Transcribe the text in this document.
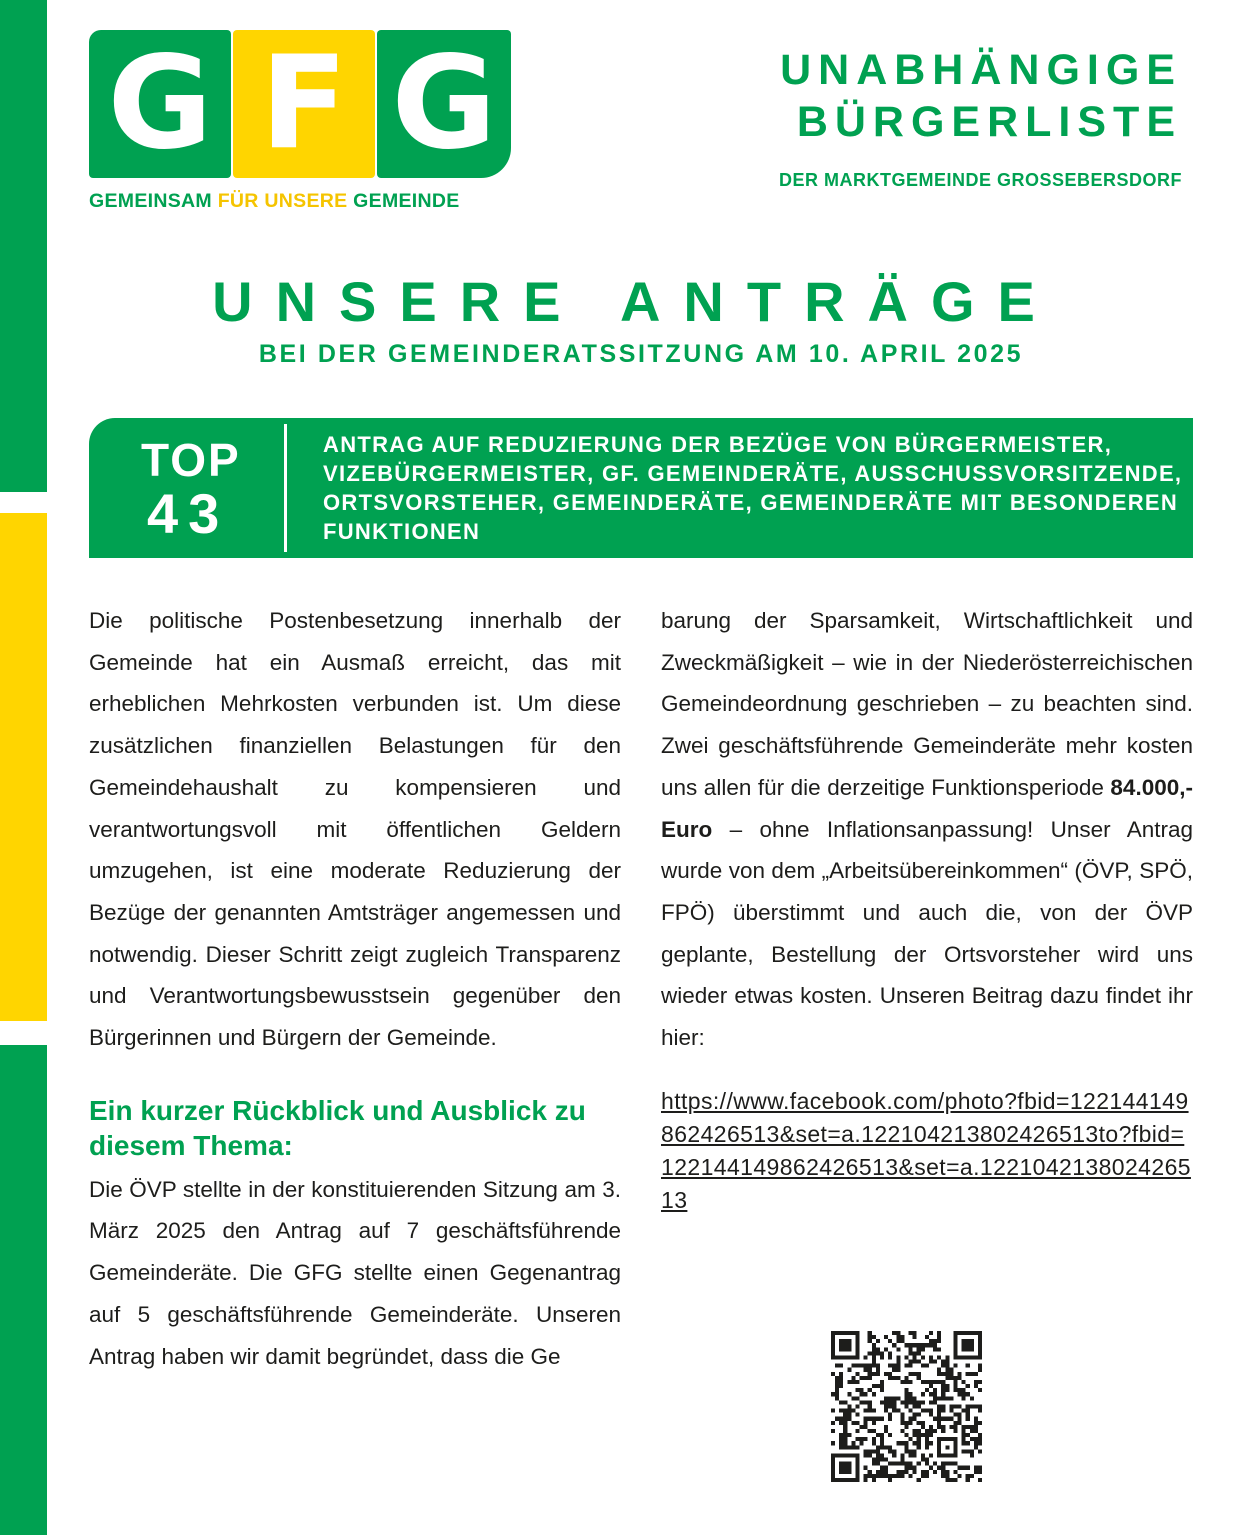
G F G
GEMEINSAM FÜR UNSERE GEMEINDE
UNABHÄNGIGE
BÜRGERLISTE
DER MARKTGEMEINDE GROSSEBERSDORF
UNSERE ANTRÄGE
BEI DER GEMEINDERATSSITZUNG AM 10. APRIL 2025
TOP
43
ANTRAG AUF REDUZIERUNG DER BEZÜGE VON BÜRGERMEISTER, VIZEBÜRGERMEISTER, GF. GEMEINDERÄTE, AUSSCHUSSVORSITZENDE, ORTSVORSTEHER, GEMEINDERÄTE, GEMEINDERÄTE MIT BESONDEREN FUNKTIONEN

Die politische Postenbesetzung innerhalb der Gemeinde hat ein Ausmaß erreicht, das mit erheblichen Mehrkosten verbunden ist. Um diese zusätzlichen finanziellen Belastungen für den Gemeindehaushalt zu kompensieren und verantwortungsvoll mit öffentlichen Geldern umzugehen, ist eine moderate Reduzierung der Bezüge der genannten Amtsträger angemessen und notwendig. Dieser Schritt zeigt zugleich Transparenz und Verantwortungsbewusstsein gegenüber den Bürgerinnen und Bürgern der Gemeinde.

Ein kurzer Rückblick und Ausblick zu diesem Thema:

Die ÖVP stellte in der konstituierenden Sitzung am 3. März 2025 den Antrag auf 7 geschäftsführende Gemeinderäte. Die GFG stellte einen Gegenantrag auf 5 geschäftsführende Gemeinderäte. Unseren Antrag haben wir damit begründet, dass die Ge

barung der Sparsamkeit, Wirtschaftlichkeit und Zweckmäßigkeit – wie in der Niederösterreichischen Gemeindeordnung geschrieben – zu beachten sind. Zwei geschäftsführende Gemeinderäte mehr kosten uns allen für die derzeitige Funktionsperiode 84.000,- Euro – ohne Inflationsanpassung! Unser Antrag wurde von dem „Arbeitsübereinkommen“ (ÖVP, SPÖ, FPÖ) überstimmt und auch die, von der ÖVP geplante, Bestellung der Ortsvorsteher wird uns wieder etwas kosten. Unseren Beitrag dazu findet ihr hier:

https://www.facebook.com/photo?fbid=122144149862426513&set=a.122104213802426513to?fbid=122144149862426513&set=a.122104213802426513
